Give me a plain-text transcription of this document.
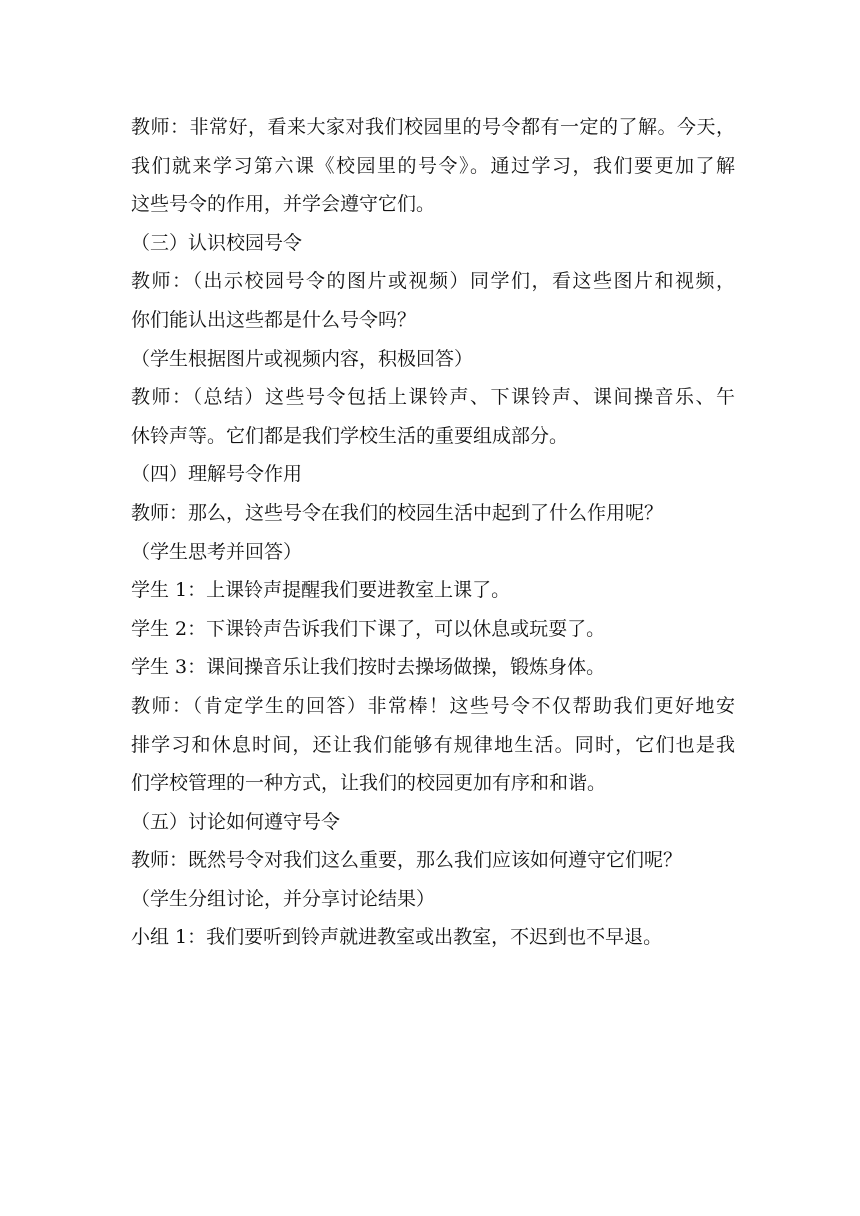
教师：非常好，看来大家对我们校园里的号令都有一定的了解。今天，
我们就来学习第六课《校园里的号令》。通过学习，我们要更加了解
这些号令的作用，并学会遵守它们。
（三）认识校园号令
教师：（出示校园号令的图片或视频）同学们，看这些图片和视频，
你们能认出这些都是什么号令吗？
（学生根据图片或视频内容，积极回答）
教师：（总结）这些号令包括上课铃声、下课铃声、课间操音乐、午
休铃声等。它们都是我们学校生活的重要组成部分。
（四）理解号令作用
教师：那么，这些号令在我们的校园生活中起到了什么作用呢？
（学生思考并回答）
学生 1：上课铃声提醒我们要进教室上课了。
学生 2：下课铃声告诉我们下课了，可以休息或玩耍了。
学生 3：课间操音乐让我们按时去操场做操，锻炼身体。
教师：（肯定学生的回答）非常棒！这些号令不仅帮助我们更好地安
排学习和休息时间，还让我们能够有规律地生活。同时，它们也是我
们学校管理的一种方式，让我们的校园更加有序和和谐。
（五）讨论如何遵守号令
教师：既然号令对我们这么重要，那么我们应该如何遵守它们呢？
（学生分组讨论，并分享讨论结果）
小组 1：我们要听到铃声就进教室或出教室，不迟到也不早退。
